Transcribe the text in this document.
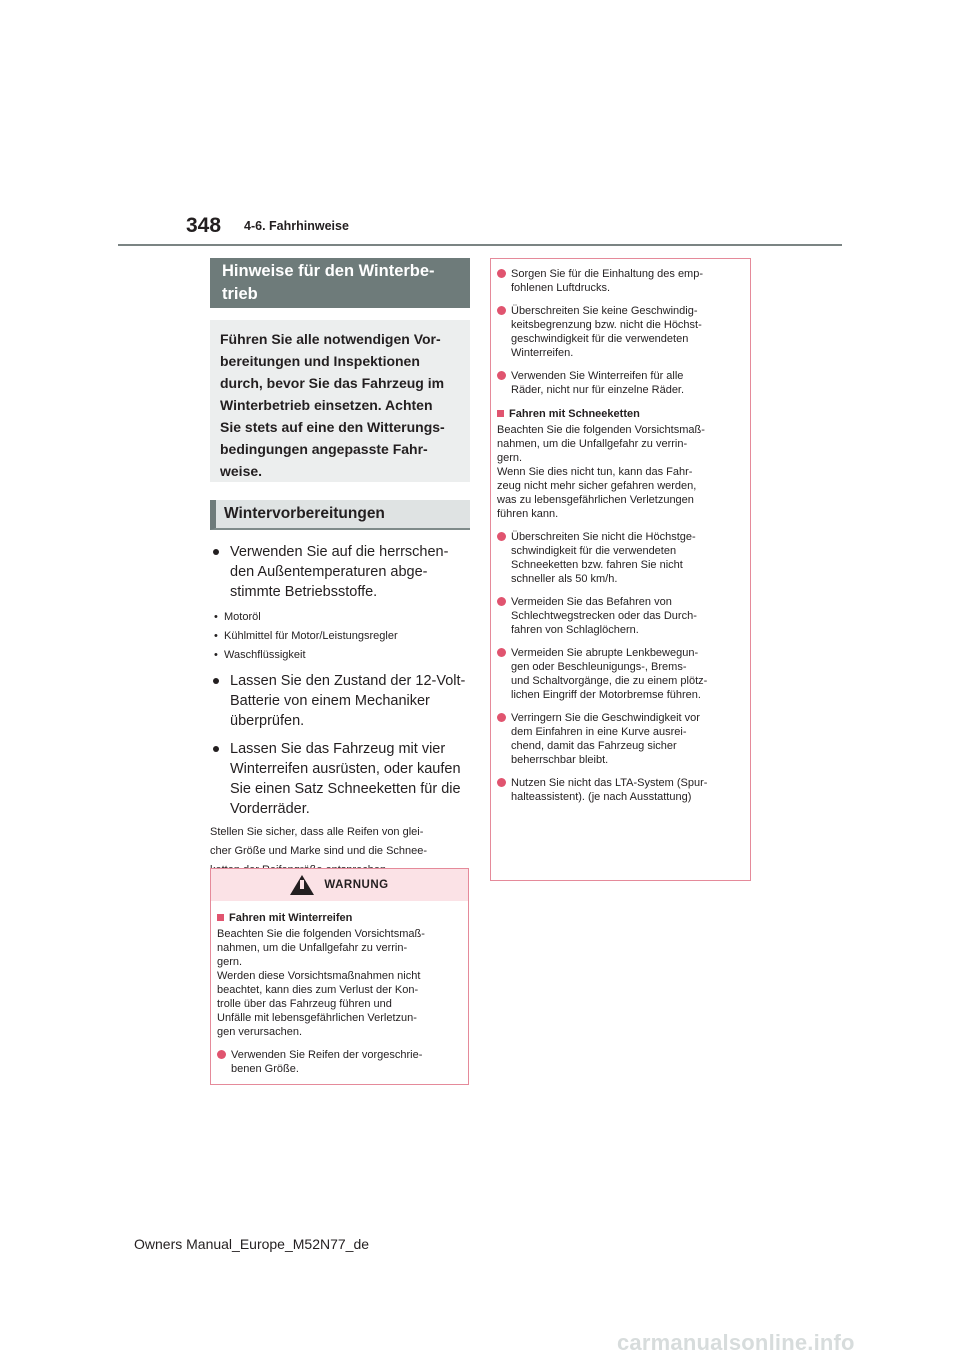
348 4-6. Fahrhinweise
Hinweise für den Winterbe-
trieb
Führen Sie alle notwendigen Vor-
bereitungen und Inspektionen
durch, bevor Sie das Fahrzeug im
Winterbetrieb einsetzen. Achten
Sie stets auf eine den Witterungs-
bedingungen angepasste Fahr-
weise.
Wintervorbereitungen
Verwenden Sie auf die herrschen-
den Außentemperaturen abge-
stimmte Betriebsstoffe.
• Motoröl
• Kühlmittel für Motor/Leistungsregler
• Waschflüssigkeit
Lassen Sie den Zustand der 12-Volt-
Batterie von einem Mechaniker
überprüfen.
Lassen Sie das Fahrzeug mit vier
Winterreifen ausrüsten, oder kaufen
Sie einen Satz Schneeketten für die
Vorderräder.
Stellen Sie sicher, dass alle Reifen von glei-
cher Größe und Marke sind und die Schnee-

WARNUNG
Fahren mit Winterreifen
Beachten Sie die folgenden Vorsichtsmaß-
nahmen, um die Unfallgefahr zu verrin-
gern.
Werden diese Vorsichtsmaßnahmen nicht
beachtet, kann dies zum Verlust der Kon-
trolle über das Fahrzeug führen und
Unfälle mit lebensgefährlichen Verletzun-
gen verursachen.
Verwenden Sie Reifen der vorgeschrie-
benen Größe.
Sorgen Sie für die Einhaltung des emp-
fohlenen Luftdrucks.
Überschreiten Sie keine Geschwindig-
keitsbegrenzung bzw. nicht die Höchst-
geschwindigkeit für die verwendeten
Winterreifen.
Verwenden Sie Winterreifen für alle
Räder, nicht nur für einzelne Räder.
Fahren mit Schneeketten
Beachten Sie die folgenden Vorsichtsmaß-
nahmen, um die Unfallgefahr zu verrin-
gern.
Wenn Sie dies nicht tun, kann das Fahr-
zeug nicht mehr sicher gefahren werden,
was zu lebensgefährlichen Verletzungen
führen kann.
Überschreiten Sie nicht die Höchstge-
schwindigkeit für die verwendeten
Schneeketten bzw. fahren Sie nicht
schneller als 50 km/h.
Vermeiden Sie das Befahren von
Schlechtwegstrecken oder das Durch-
fahren von Schlaglöchern.
Vermeiden Sie abrupte Lenkbewegun-
gen oder Beschleunigungs-, Brems-
und Schaltvorgänge, die zu einem plötz-
lichen Eingriff der Motorbremse führen.
Verringern Sie die Geschwindigkeit vor
dem Einfahren in eine Kurve ausrei-
chend, damit das Fahrzeug sicher
beherrschbar bleibt.
Nutzen Sie nicht das LTA-System (Spur-
halteassistent). (je nach Ausstattung)
Owners Manual_Europe_M52N77_de
carmanualsonline.info
